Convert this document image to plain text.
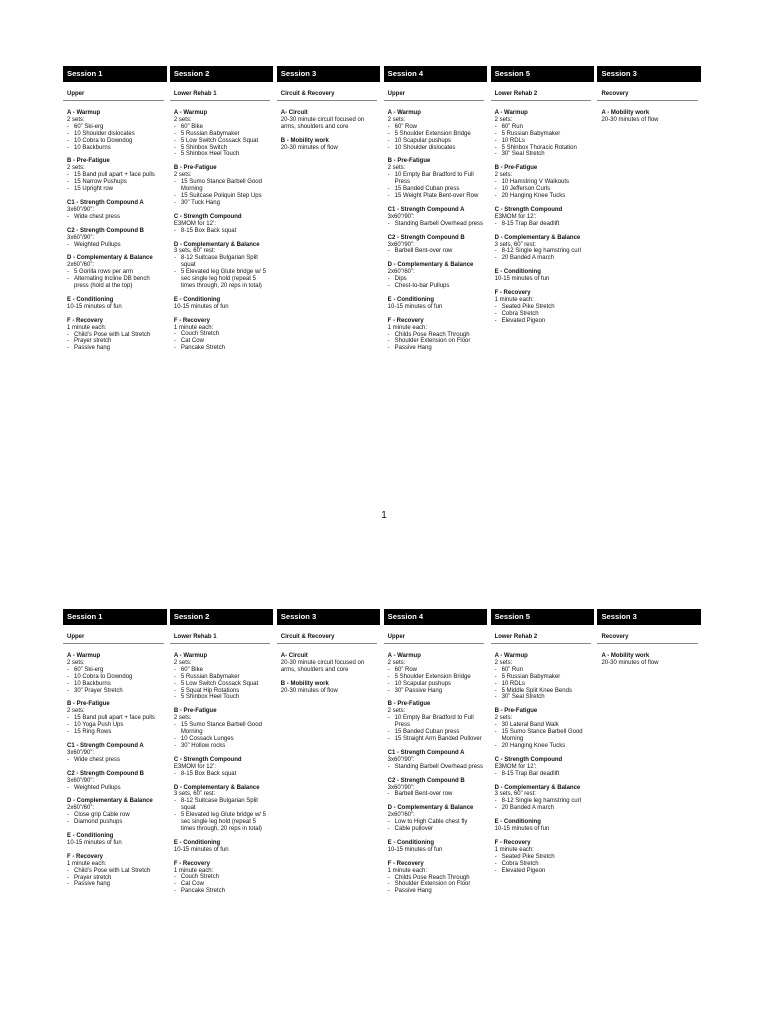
Session 1
Upper
A - Warmup
2 sets:
- 60” Ski-erg
- 10 Shoulder dislocates
- 10 Cobra to Downdog
- 10 Backburns
B - Pre-Fatigue
2 sets:
- 15 Band pull apart + face pulls
- 15 Narrow Pushups
- 15 Upright row
C1 - Strength Compound A
3x60”/90”:
- Wide chest press
C2 - Strength Compound B
3x60”/90”:
- Weighted Pullups
D - Complementary & Balance
2x60”/60”:
- 5 Gorilla rows per arm
- Alternating Incline DB bench press (hold at the top)
E - Conditioning
10-15 minutes of fun
F - Recovery
1 minute each:
- Child’s Pose with Lat Stretch
- Prayer stretch
- Passive hang
Session 2
Lower Rehab 1
A - Warmup
2 sets:
- 60” Bike
- 5 Russian Babymaker
- 5 Low Switch Cossack Squat
- 5 Shinbox Switch
- 5 Shinbox Heel Touch
B - Pre-Fatigue
2 sets:
- 15 Sumo Stance Barbell Good Morning
- 15 Suitcase Poliquin Step Ups
- 30” Tuck Hang
C - Strength Compound
E3MOM for 12’:
- 8-15 Box Back squat
D - Complementary & Balance
3 sets, 60” rest:
- 8-12 Suitcase Bulgarian Split squat
- 5 Elevated leg Glute bridge w/ 5 sec single leg hold (repeat 5 times through, 20 reps in total)
E - Conditioning
10-15 minutes of fun
F - Recovery
1 minute each:
- Couch Stretch
- Cat Cow
- Pancake Stretch
Session 3
Circuit & Recovery
A- Circuit
20-30 minute circuit focused on arms, shoulders and core
B - Mobility work
20-30 minutes of flow
Session 4
Upper
A - Warmup
2 sets:
- 60” Row
- 5 Shoulder Extension Bridge
- 10 Scapular pushups
- 10 Shoulder dislocates
B - Pre-Fatigue
2 sets:
- 10 Empty Bar Bradford to Full Press
- 15 Banded Cuban press
- 15 Weight Plate Bent-over Row
C1 - Strength Compound A
3x60”/90”:
- Standing Barbell Overhead press
C2 - Strength Compound B
3x60”/90”:
- Barbell Bent-over row
D - Complementary & Balance
2x60”/60”:
- Dips
- Chest-to-bar Pullups
E - Conditioning
10-15 minutes of fun
F - Recovery
1 minute each:
- Childs Pose Reach Through
- Shoulder Extension on Floor
- Passive Hang
Session 5
Lower Rehab 2
A - Warmup
2 sets:
- 60” Run
- 5 Russian Babymaker
- 10 RDLs
- 5 Shinbox Thoracic Rotation
- 30” Seal Stretch
B - Pre-Fatigue
2 sets:
- 10 Hamstring V Walkouts
- 10 Jefferson Curls
- 20 Hanging Knee Tucks
C - Strength Compound
E3MOM for 12’:
- 8-15 Trap Bar deadlift
D - Complementary & Balance
3 sets, 60” rest:
- 8-12 Single leg hamstring curl
- 20 Banded A march
E - Conditioning
10-15 minutes of fun
F - Recovery
1 minute each:
- Seated Pike Stretch
- Cobra Stretch
- Elevated Pigeon
Session 3
Recovery
A - Mobility work
20-30 minutes of flow
1
Session 1
Upper
A - Warmup
2 sets:
- 60” Ski-erg
- 10 Cobra to Downdog
- 10 Backburns
- 30” Prayer Stretch
B - Pre-Fatigue
2 sets:
- 15 Band pull apart + face pulls
- 10 Yoga Push Ups
- 15 Ring Rows
C1 - Strength Compound A
3x60”/90”:
- Wide chest press
C2 - Strength Compound B
3x60”/90”:
- Weighted Pullups
D - Complementary & Balance
2x60”/60”:
- Close grip Cable row
- Diamond pushups
E - Conditioning
10-15 minutes of fun
F - Recovery
1 minute each:
- Child’s Pose with Lat Stretch
- Prayer stretch
- Passive hang
Session 2
Lower Rehab 1
A - Warmup
2 sets:
- 60” Bike
- 5 Russian Babymaker
- 5 Low Switch Cossack Squat
- 5 Squat Hip Rotations
- 5 Shinbox Heel Touch
B - Pre-Fatigue
2 sets:
- 15 Sumo Stance Barbell Good Morning
- 10 Cossack Lunges
- 30” Hollow rocks
C - Strength Compound
E3MOM for 12’:
- 8-15 Box Back squat
D - Complementary & Balance
3 sets, 60” rest:
- 8-12 Suitcase Bulgarian Split squat
- 5 Elevated leg Glute bridge w/ 5 sec single leg hold (repeat 5 times through, 20 reps in total)
E - Conditioning
10-15 minutes of fun
F - Recovery
1 minute each:
- Couch Stretch
- Cat Cow
- Pancake Stretch
Session 3
Circuit & Recovery
A- Circuit
20-30 minute circuit focused on arms, shoulders and core
B - Mobility work
20-30 minutes of flow
Session 4
Upper
A - Warmup
2 sets:
- 60” Row
- 5 Shoulder Extension Bridge
- 10 Scapular pushups
- 30” Passive Hang
B - Pre-Fatigue
2 sets:
- 10 Empty Bar Bradford to Full Press
- 15 Banded Cuban press
- 15 Straight Arm Banded Pullover
C1 - Strength Compound A
3x60”/90”:
- Standing Barbell Overhead press
C2 - Strength Compound B
3x60”/90”:
- Barbell Bent-over row
D - Complementary & Balance
2x60”/60”:
- Low to High Cable chest fly
- Cable pullover
E - Conditioning
10-15 minutes of fun
F - Recovery
1 minute each:
- Childs Pose Reach Through
- Shoulder Extension on Floor
- Passive Hang
Session 5
Lower Rehab 2
A - Warmup
2 sets:
- 60” Run
- 5 Russian Babymaker
- 10 RDLs
- 5 Middle Split Knee Bends
- 30” Seal Stretch
B - Pre-Fatigue
2 sets:
- 30 Lateral Band Walk
- 15 Sumo Stance Barbell Good Morning
- 20 Hanging Knee Tucks
C - Strength Compound
E3MOM for 12’:
- 8-15 Trap Bar deadlift
D - Complementary & Balance
3 sets, 60” rest:
- 8-12 Single leg hamstring curl
- 20 Banded A march
E - Conditioning
10-15 minutes of fun
F - Recovery
1 minute each:
- Seated Pike Stretch
- Cobra Stretch
- Elevated Pigeon
Session 3
Recovery
A - Mobility work
20-30 minutes of flow
